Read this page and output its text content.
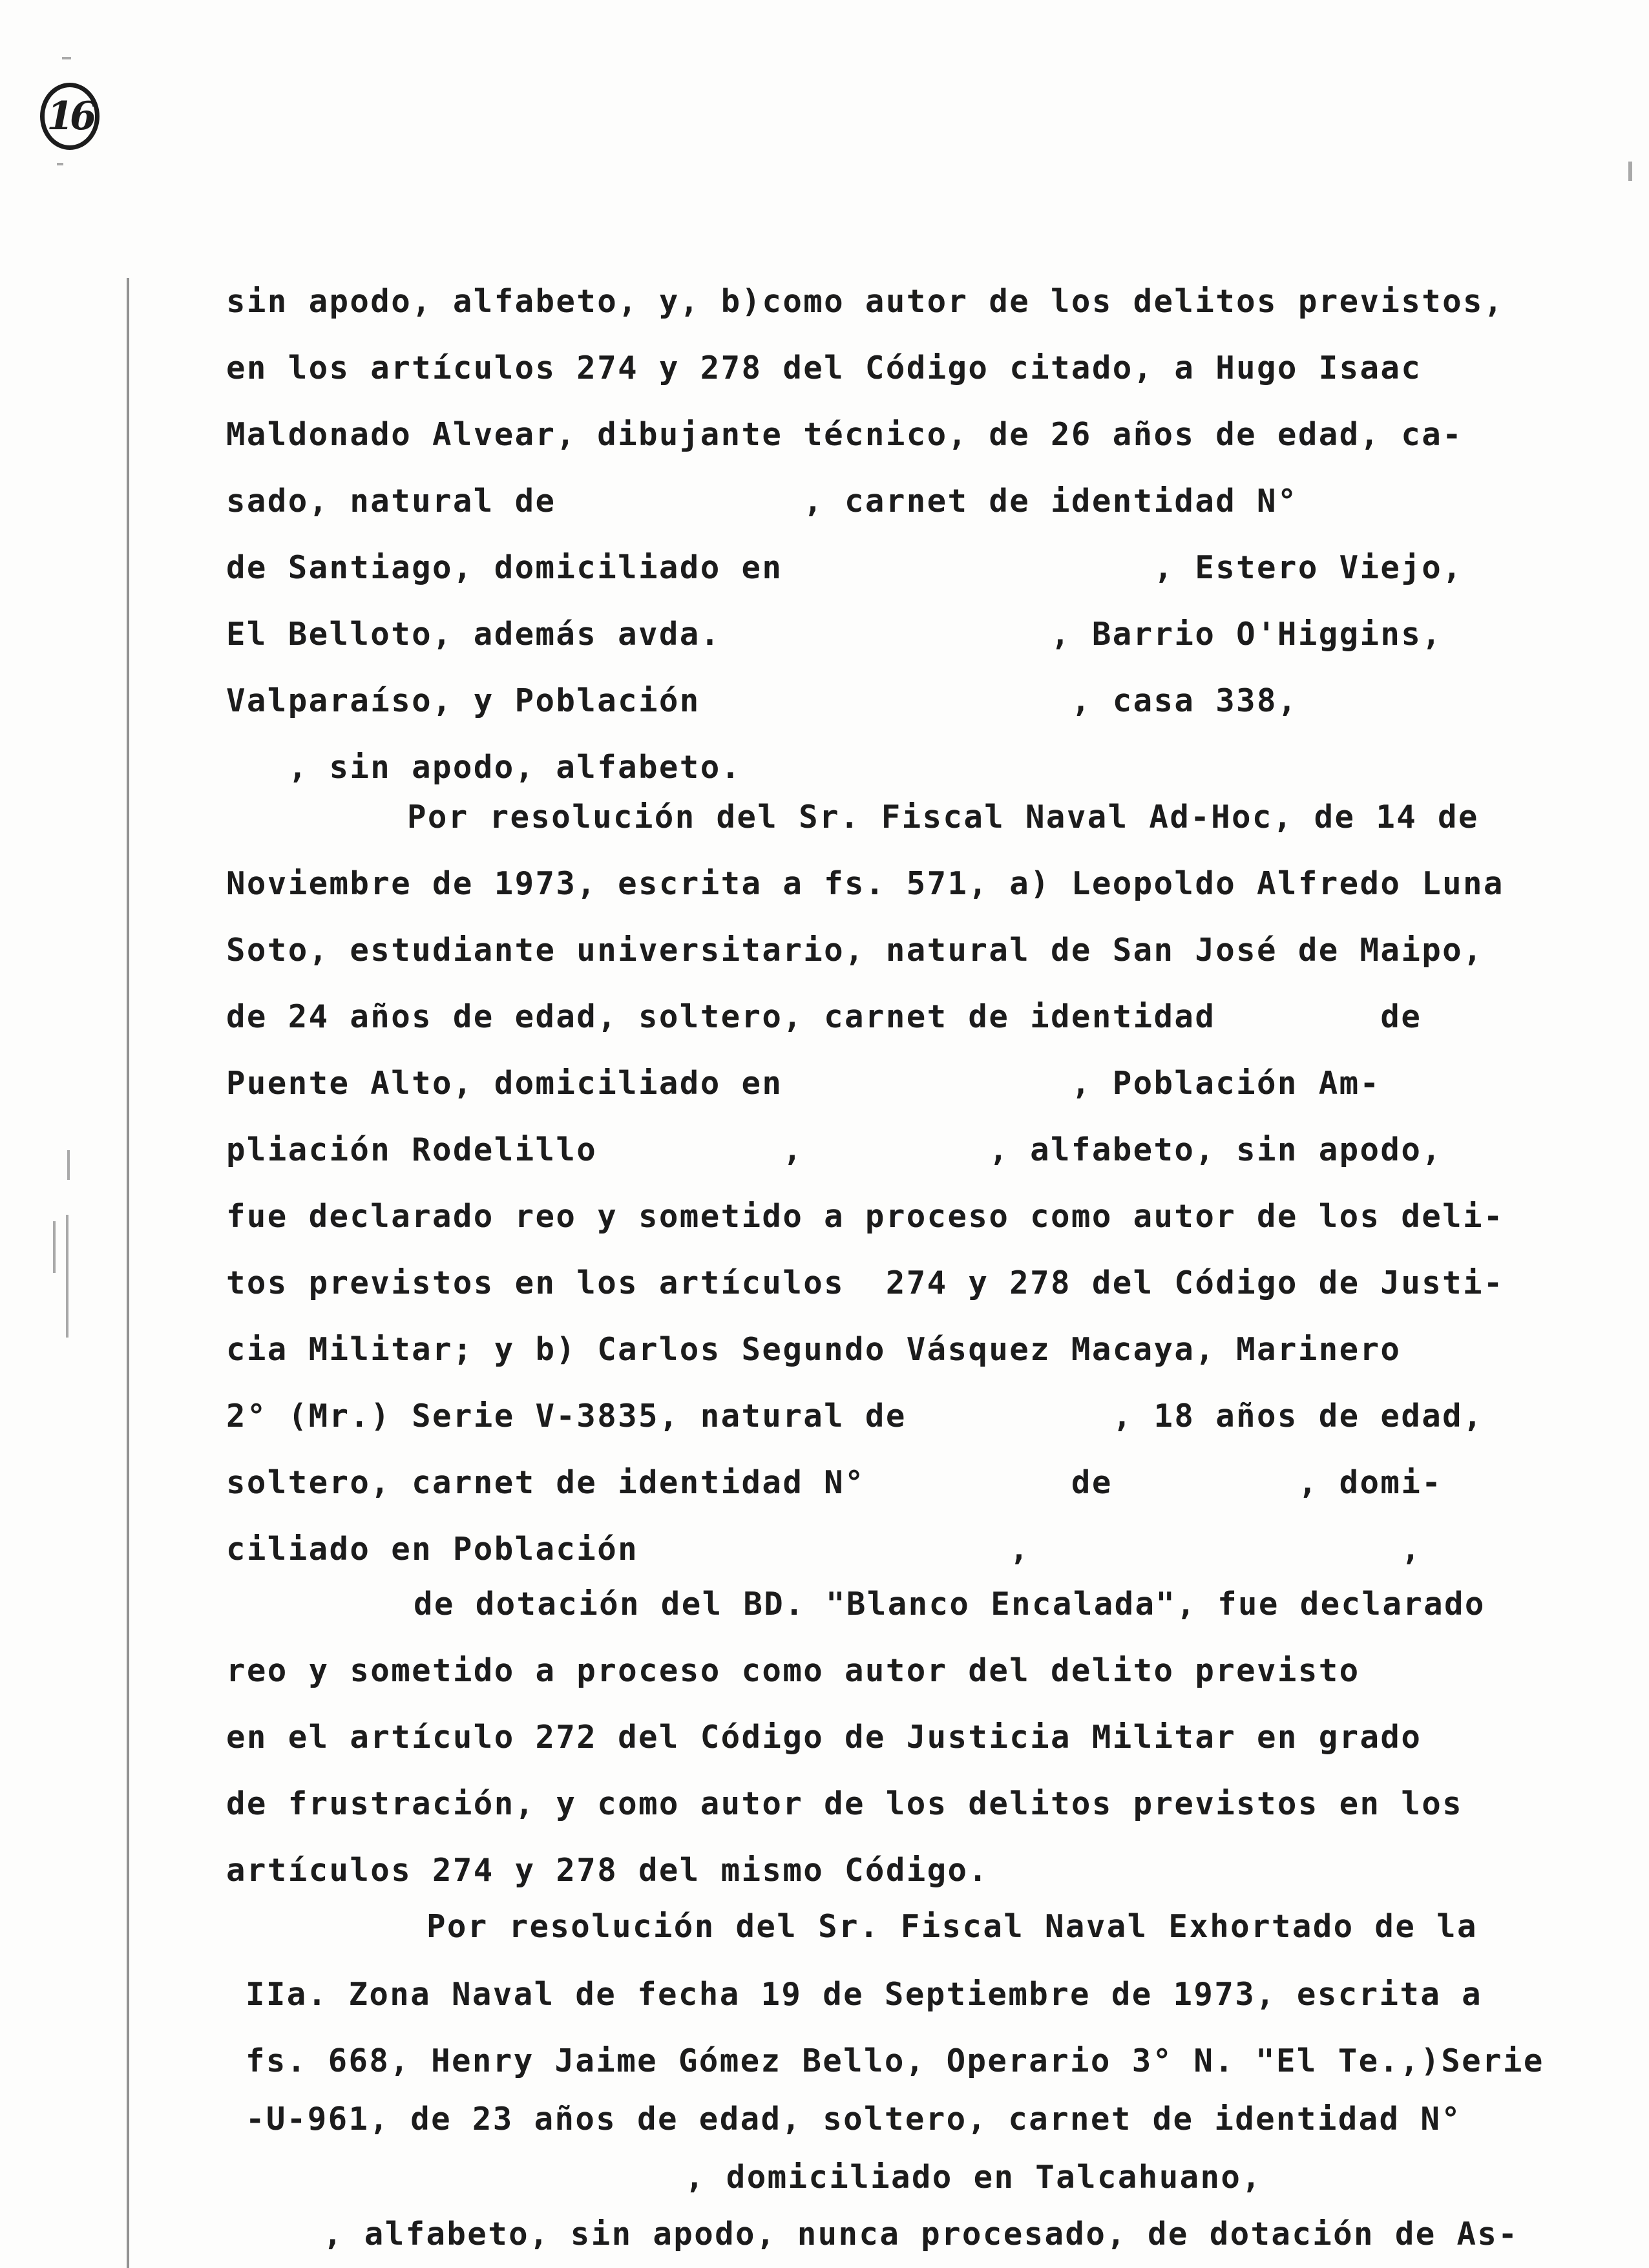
16
sin apodo, alfabeto, y, b)como autor de los delitos previstos,
en los artículos 274 y 278 del Código citado, a Hugo Isaac
Maldonado Alvear, dibujante técnico, de 26 años de edad, ca-
sado, natural de            , carnet de identidad N°
de Santiago, domiciliado en                  , Estero Viejo,
El Belloto, además avda.                , Barrio O'Higgins,
Valparaíso, y Población                  , casa 338,
, sin apodo, alfabeto.
Por resolución del Sr. Fiscal Naval Ad-Hoc, de 14 de
Noviembre de 1973, escrita a fs. 571, a) Leopoldo Alfredo Luna
Soto, estudiante universitario, natural de San José de Maipo,
de 24 años de edad, soltero, carnet de identidad        de
Puente Alto, domiciliado en              , Población Am-
pliación Rodelillo         ,         , alfabeto, sin apodo,
fue declarado reo y sometido a proceso como autor de los deli-
tos previstos en los artículos  274 y 278 del Código de Justi-
cia Militar; y b) Carlos Segundo Vásquez Macaya, Marinero
2° (Mr.) Serie V-3835, natural de          , 18 años de edad,
soltero, carnet de identidad N°          de         , domi-
ciliado en Población                  ,                  ,
de dotación del BD. "Blanco Encalada", fue declarado
reo y sometido a proceso como autor del delito previsto
en el artículo 272 del Código de Justicia Militar en grado
de frustración, y como autor de los delitos previstos en los
artículos 274 y 278 del mismo Código.
Por resolución del Sr. Fiscal Naval Exhortado de la
IIa. Zona Naval de fecha 19 de Septiembre de 1973, escrita a
fs. 668, Henry Jaime Gómez Bello, Operario 3° N. "El Te.,)Serie
-U-961, de 23 años de edad, soltero, carnet de identidad N°
, domiciliado en Talcahuano,
, alfabeto, sin apodo, nunca procesado, de dotación de As-
